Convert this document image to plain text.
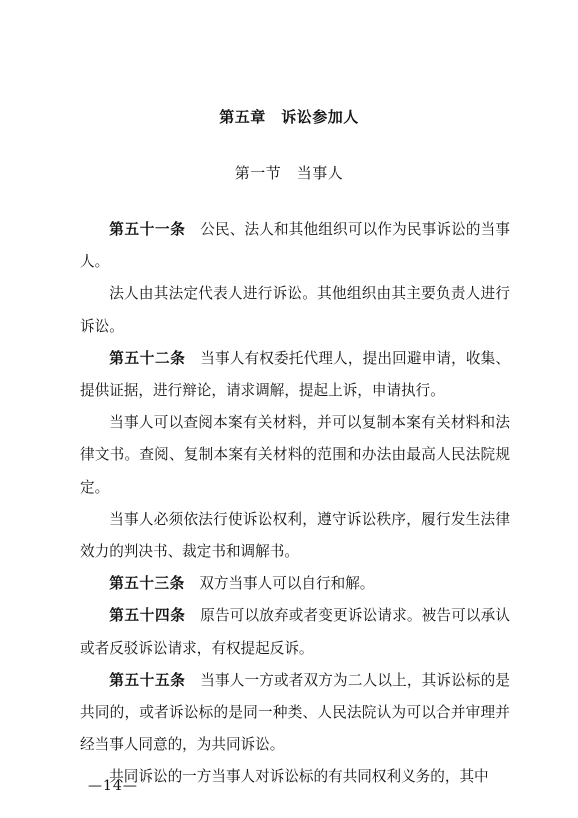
第五章　诉讼参加人
第一节　当事人

第五十一条　公民、法人和其他组织可以作为民事诉讼的当事人。

法人由其法定代表人进行诉讼。其他组织由其主要负责人进行诉讼。

第五十二条　当事人有权委托代理人，提出回避申请，收集、提供证据，进行辩论，请求调解，提起上诉，申请执行。

当事人可以查阅本案有关材料，并可以复制本案有关材料和法律文书。查阅、复制本案有关材料的范围和办法由最高人民法院规定。

当事人必须依法行使诉讼权利，遵守诉讼秩序，履行发生法律效力的判决书、裁定书和调解书。

第五十三条　双方当事人可以自行和解。

第五十四条　原告可以放弃或者变更诉讼请求。被告可以承认或者反驳诉讼请求，有权提起反诉。

第五十五条　当事人一方或者双方为二人以上，其诉讼标的是共同的，或者诉讼标的是同一种类、人民法院认为可以合并审理并经当事人同意的，为共同诉讼。

共同诉讼的一方当事人对诉讼标的有共同权利义务的，其中

—14—
